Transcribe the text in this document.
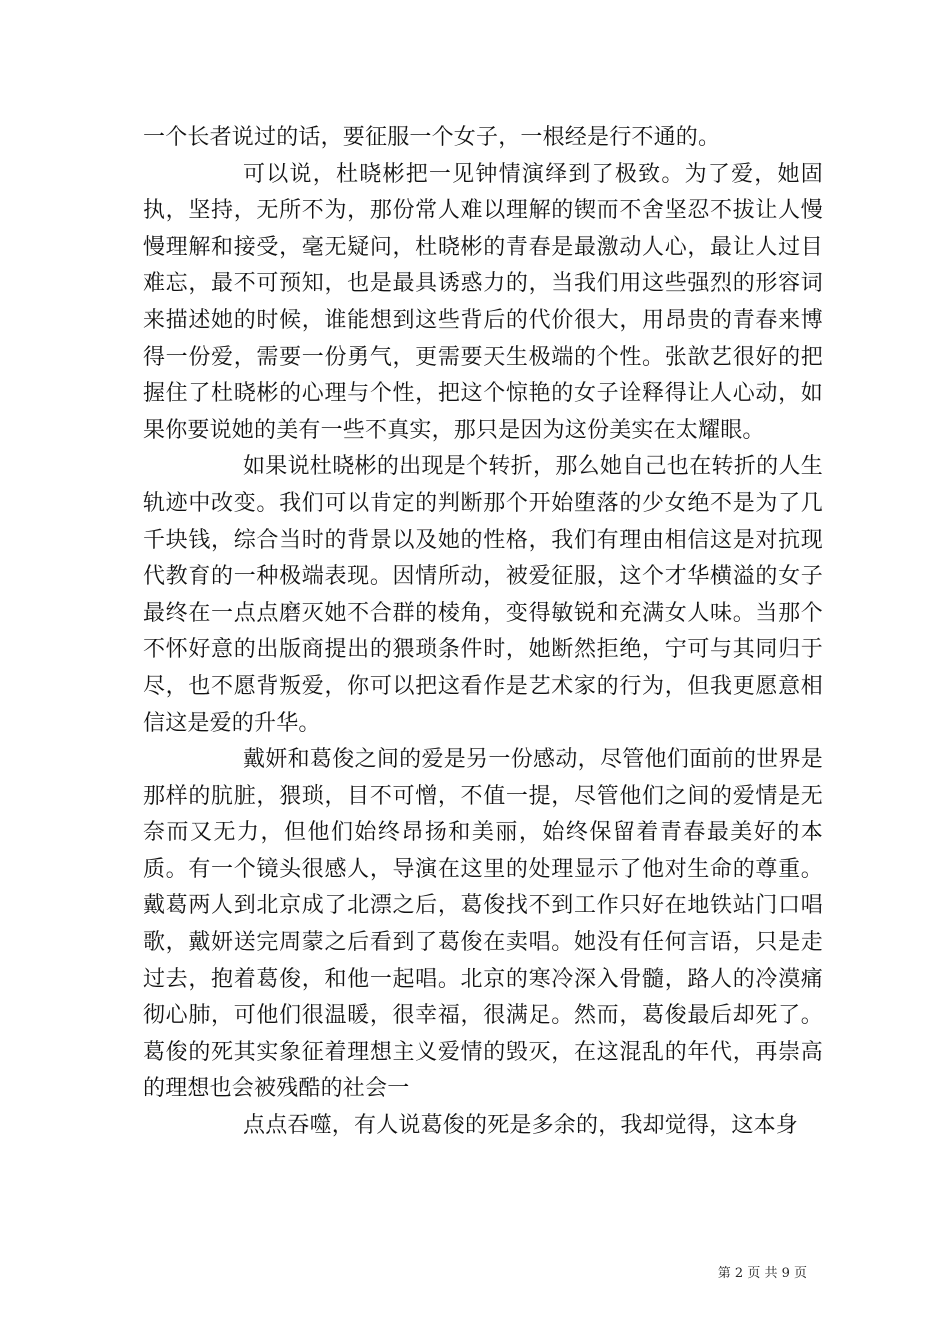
一个长者说过的话，要征服一个女子，一根经是行不通的。

可以说，杜晓彬把一见钟情演绎到了极致。为了爱，她固执，坚持，无所不为，那份常人难以理解的锲而不舍坚忍不拔让人慢慢理解和接受，毫无疑问，杜晓彬的青春是最激动人心，最让人过目难忘，最不可预知，也是最具诱惑力的，当我们用这些强烈的形容词来描述她的时候，谁能想到这些背后的代价很大，用昂贵的青春来博得一份爱，需要一份勇气，更需要天生极端的个性。张歆艺很好的把握住了杜晓彬的心理与个性，把这个惊艳的女子诠释得让人心动，如果你要说她的美有一些不真实，那只是因为这份美实在太耀眼。

如果说杜晓彬的出现是个转折，那么她自己也在转折的人生轨迹中改变。我们可以肯定的判断那个开始堕落的少女绝不是为了几千块钱，综合当时的背景以及她的性格，我们有理由相信这是对抗现代教育的一种极端表现。因情所动，被爱征服，这个才华横溢的女子最终在一点点磨灭她不合群的棱角，变得敏锐和充满女人味。当那个不怀好意的出版商提出的猥琐条件时，她断然拒绝，宁可与其同归于尽，也不愿背叛爱，你可以把这看作是艺术家的行为，但我更愿意相信这是爱的升华。

戴妍和葛俊之间的爱是另一份感动，尽管他们面前的世界是那样的肮脏，猥琐，目不可憎，不值一提，尽管他们之间的爱情是无奈而又无力，但他们始终昂扬和美丽，始终保留着青春最美好的本质。有一个镜头很感人，导演在这里的处理显示了他对生命的尊重。戴葛两人到北京成了北漂之后，葛俊找不到工作只好在地铁站门口唱歌，戴妍送完周蒙之后看到了葛俊在卖唱。她没有任何言语，只是走过去，抱着葛俊，和他一起唱。北京的寒冷深入骨髓，路人的冷漠痛彻心肺，可他们很温暖，很幸福，很满足。然而，葛俊最后却死了。葛俊的死其实象征着理想主义爱情的毁灭，在这混乱的年代，再崇高的理想也会被残酷的社会一

点点吞噬，有人说葛俊的死是多余的，我却觉得，这本身

第 2 页 共 9 页
